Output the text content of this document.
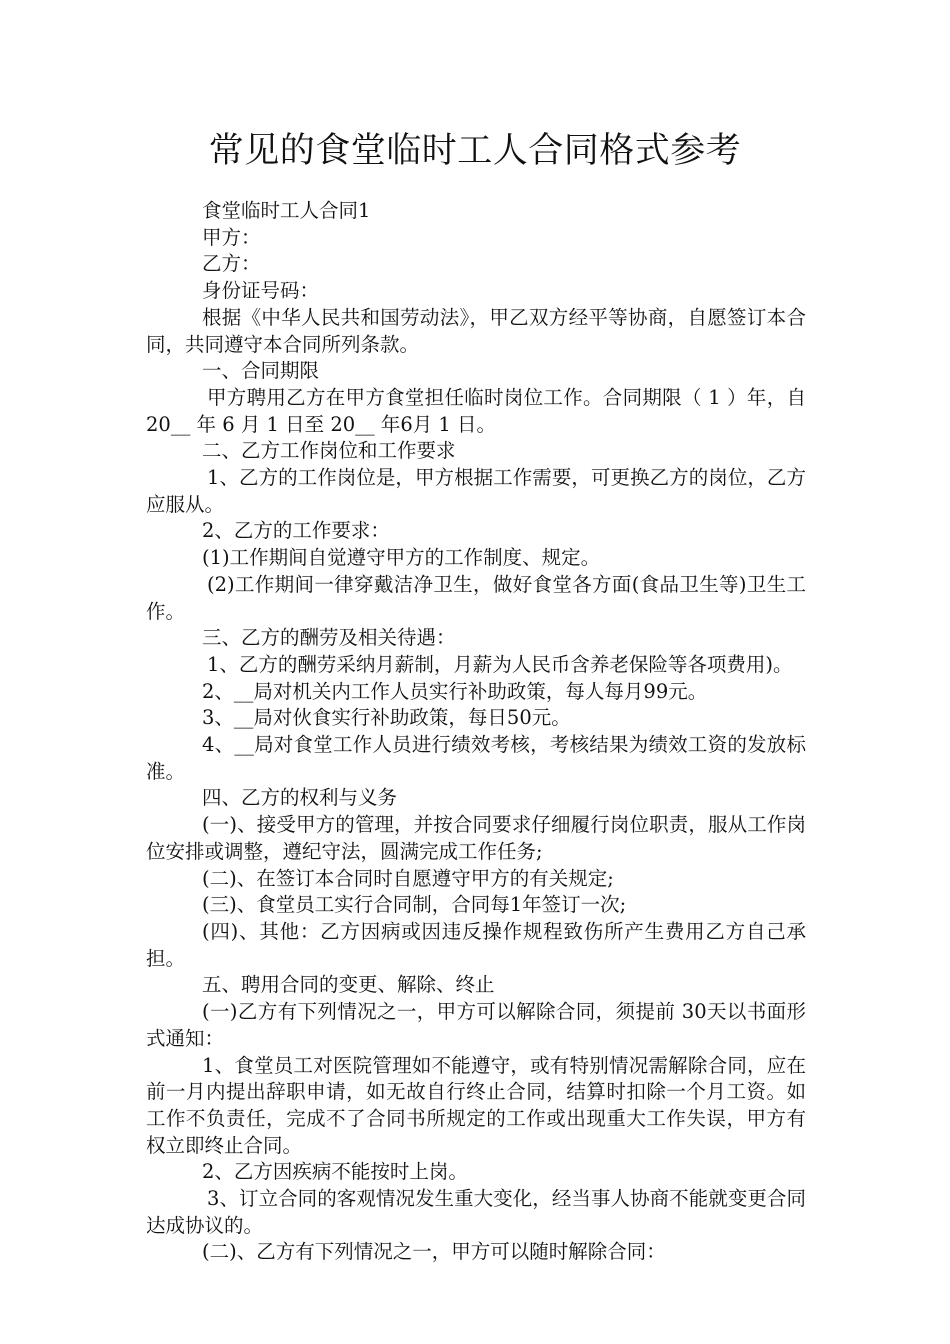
常见的食堂临时工人合同格式参考

食堂临时工人合同1

甲方：

乙方：

身份证号码：

根据《中华人民共和国劳动法》，甲乙双方经平等协商，自愿签订本合同，共同遵守本合同所列条款。

一、合同期限

甲方聘用乙方在甲方食堂担任临时岗位工作。合同期限（ 1 ）年，自 20__ 年 6 月 1 日至 20__ 年6月 1 日。

二、乙方工作岗位和工作要求

1、乙方的工作岗位是，甲方根据工作需要，可更换乙方的岗位，乙方应服从。

2、乙方的工作要求：

(1)工作期间自觉遵守甲方的工作制度、规定。

(2)工作期间一律穿戴洁净卫生，做好食堂各方面(食品卫生等)卫生工作。

三、乙方的酬劳及相关待遇：

1、乙方的酬劳采纳月薪制，月薪为人民币含养老保险等各项费用)。

2、__局对机关内工作人员实行补助政策，每人每月99元。

3、__局对伙食实行补助政策，每日50元。

4、__局对食堂工作人员进行绩效考核，考核结果为绩效工资的发放标准。

四、乙方的权利与义务

(一)、接受甲方的管理，并按合同要求仔细履行岗位职责，服从工作岗位安排或调整，遵纪守法，圆满完成工作任务;

(二)、在签订本合同时自愿遵守甲方的有关规定;

(三)、食堂员工实行合同制，合同每1年签订一次;

(四)、其他：乙方因病或因违反操作规程致伤所产生费用乙方自己承担。

五、聘用合同的变更、解除、终止

(一)乙方有下列情况之一，甲方可以解除合同，须提前 30天以书面形式通知：

1、食堂员工对医院管理如不能遵守，或有特别情况需解除合同，应在前一月内提出辞职申请，如无故自行终止合同，结算时扣除一个月工资。如工作不负责任，完成不了合同书所规定的工作或出现重大工作失误，甲方有权立即终止合同。

2、乙方因疾病不能按时上岗。

3、订立合同的客观情况发生重大变化，经当事人协商不能就变更合同达成协议的。

(二)、乙方有下列情况之一，甲方可以随时解除合同：
